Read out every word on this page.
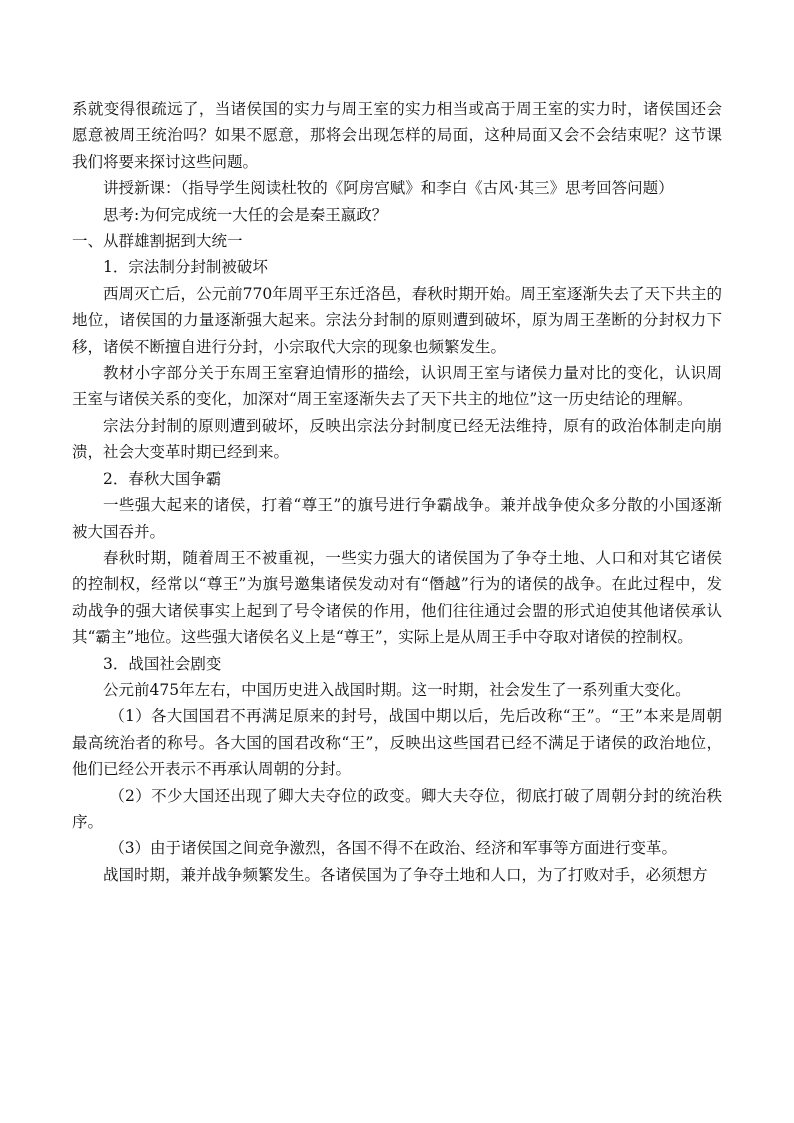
系就变得很疏远了，当诸侯国的实力与周王室的实力相当或高于周王室的实力时，诸侯国还会愿意被周王统治吗？如果不愿意，那将会出现怎样的局面，这种局面又会不会结束呢？这节课我们将要来探讨这些问题。

讲授新课：（指导学生阅读杜牧的《阿房宫赋》和李白《古风·其三》思考回答问题）

思考:为何完成统一大任的会是秦王嬴政？

一、从群雄割据到大统一

1．宗法制分封制被破坏

西周灭亡后，公元前770年周平王东迁洛邑，春秋时期开始。周王室逐渐失去了天下共主的地位，诸侯国的力量逐渐强大起来。宗法分封制的原则遭到破坏，原为周王垄断的分封权力下移，诸侯不断擅自进行分封，小宗取代大宗的现象也频繁发生。

教材小字部分关于东周王室窘迫情形的描绘，认识周王室与诸侯力量对比的变化，认识周王室与诸侯关系的变化，加深对“周王室逐渐失去了天下共主的地位”这一历史结论的理解。

宗法分封制的原则遭到破坏，反映出宗法分封制度已经无法维持，原有的政治体制走向崩溃，社会大变革时期已经到来。

2．春秋大国争霸

一些强大起来的诸侯，打着“尊王”的旗号进行争霸战争。兼并战争使众多分散的小国逐渐被大国吞并。

春秋时期，随着周王不被重视，一些实力强大的诸侯国为了争夺土地、人口和对其它诸侯的控制权，经常以“尊王”为旗号邀集诸侯发动对有“僭越”行为的诸侯的战争。在此过程中，发动战争的强大诸侯事实上起到了号令诸侯的作用，他们往往通过会盟的形式迫使其他诸侯承认其“霸主”地位。这些强大诸侯名义上是“尊王”，实际上是从周王手中夺取对诸侯的控制权。

3．战国社会剧变

公元前475年左右，中国历史进入战国时期。这一时期，社会发生了一系列重大变化。

（1）各大国国君不再满足原来的封号，战国中期以后，先后改称“王”。“王”本来是周朝最高统治者的称号。各大国的国君改称“王”，反映出这些国君已经不满足于诸侯的政治地位，他们已经公开表示不再承认周朝的分封。

（2）不少大国还出现了卿大夫夺位的政变。卿大夫夺位，彻底打破了周朝分封的统治秩序。

（3）由于诸侯国之间竞争激烈，各国不得不在政治、经济和军事等方面进行变革。

战国时期，兼并战争频繁发生。各诸侯国为了争夺土地和人口，为了打败对手，必须想方
